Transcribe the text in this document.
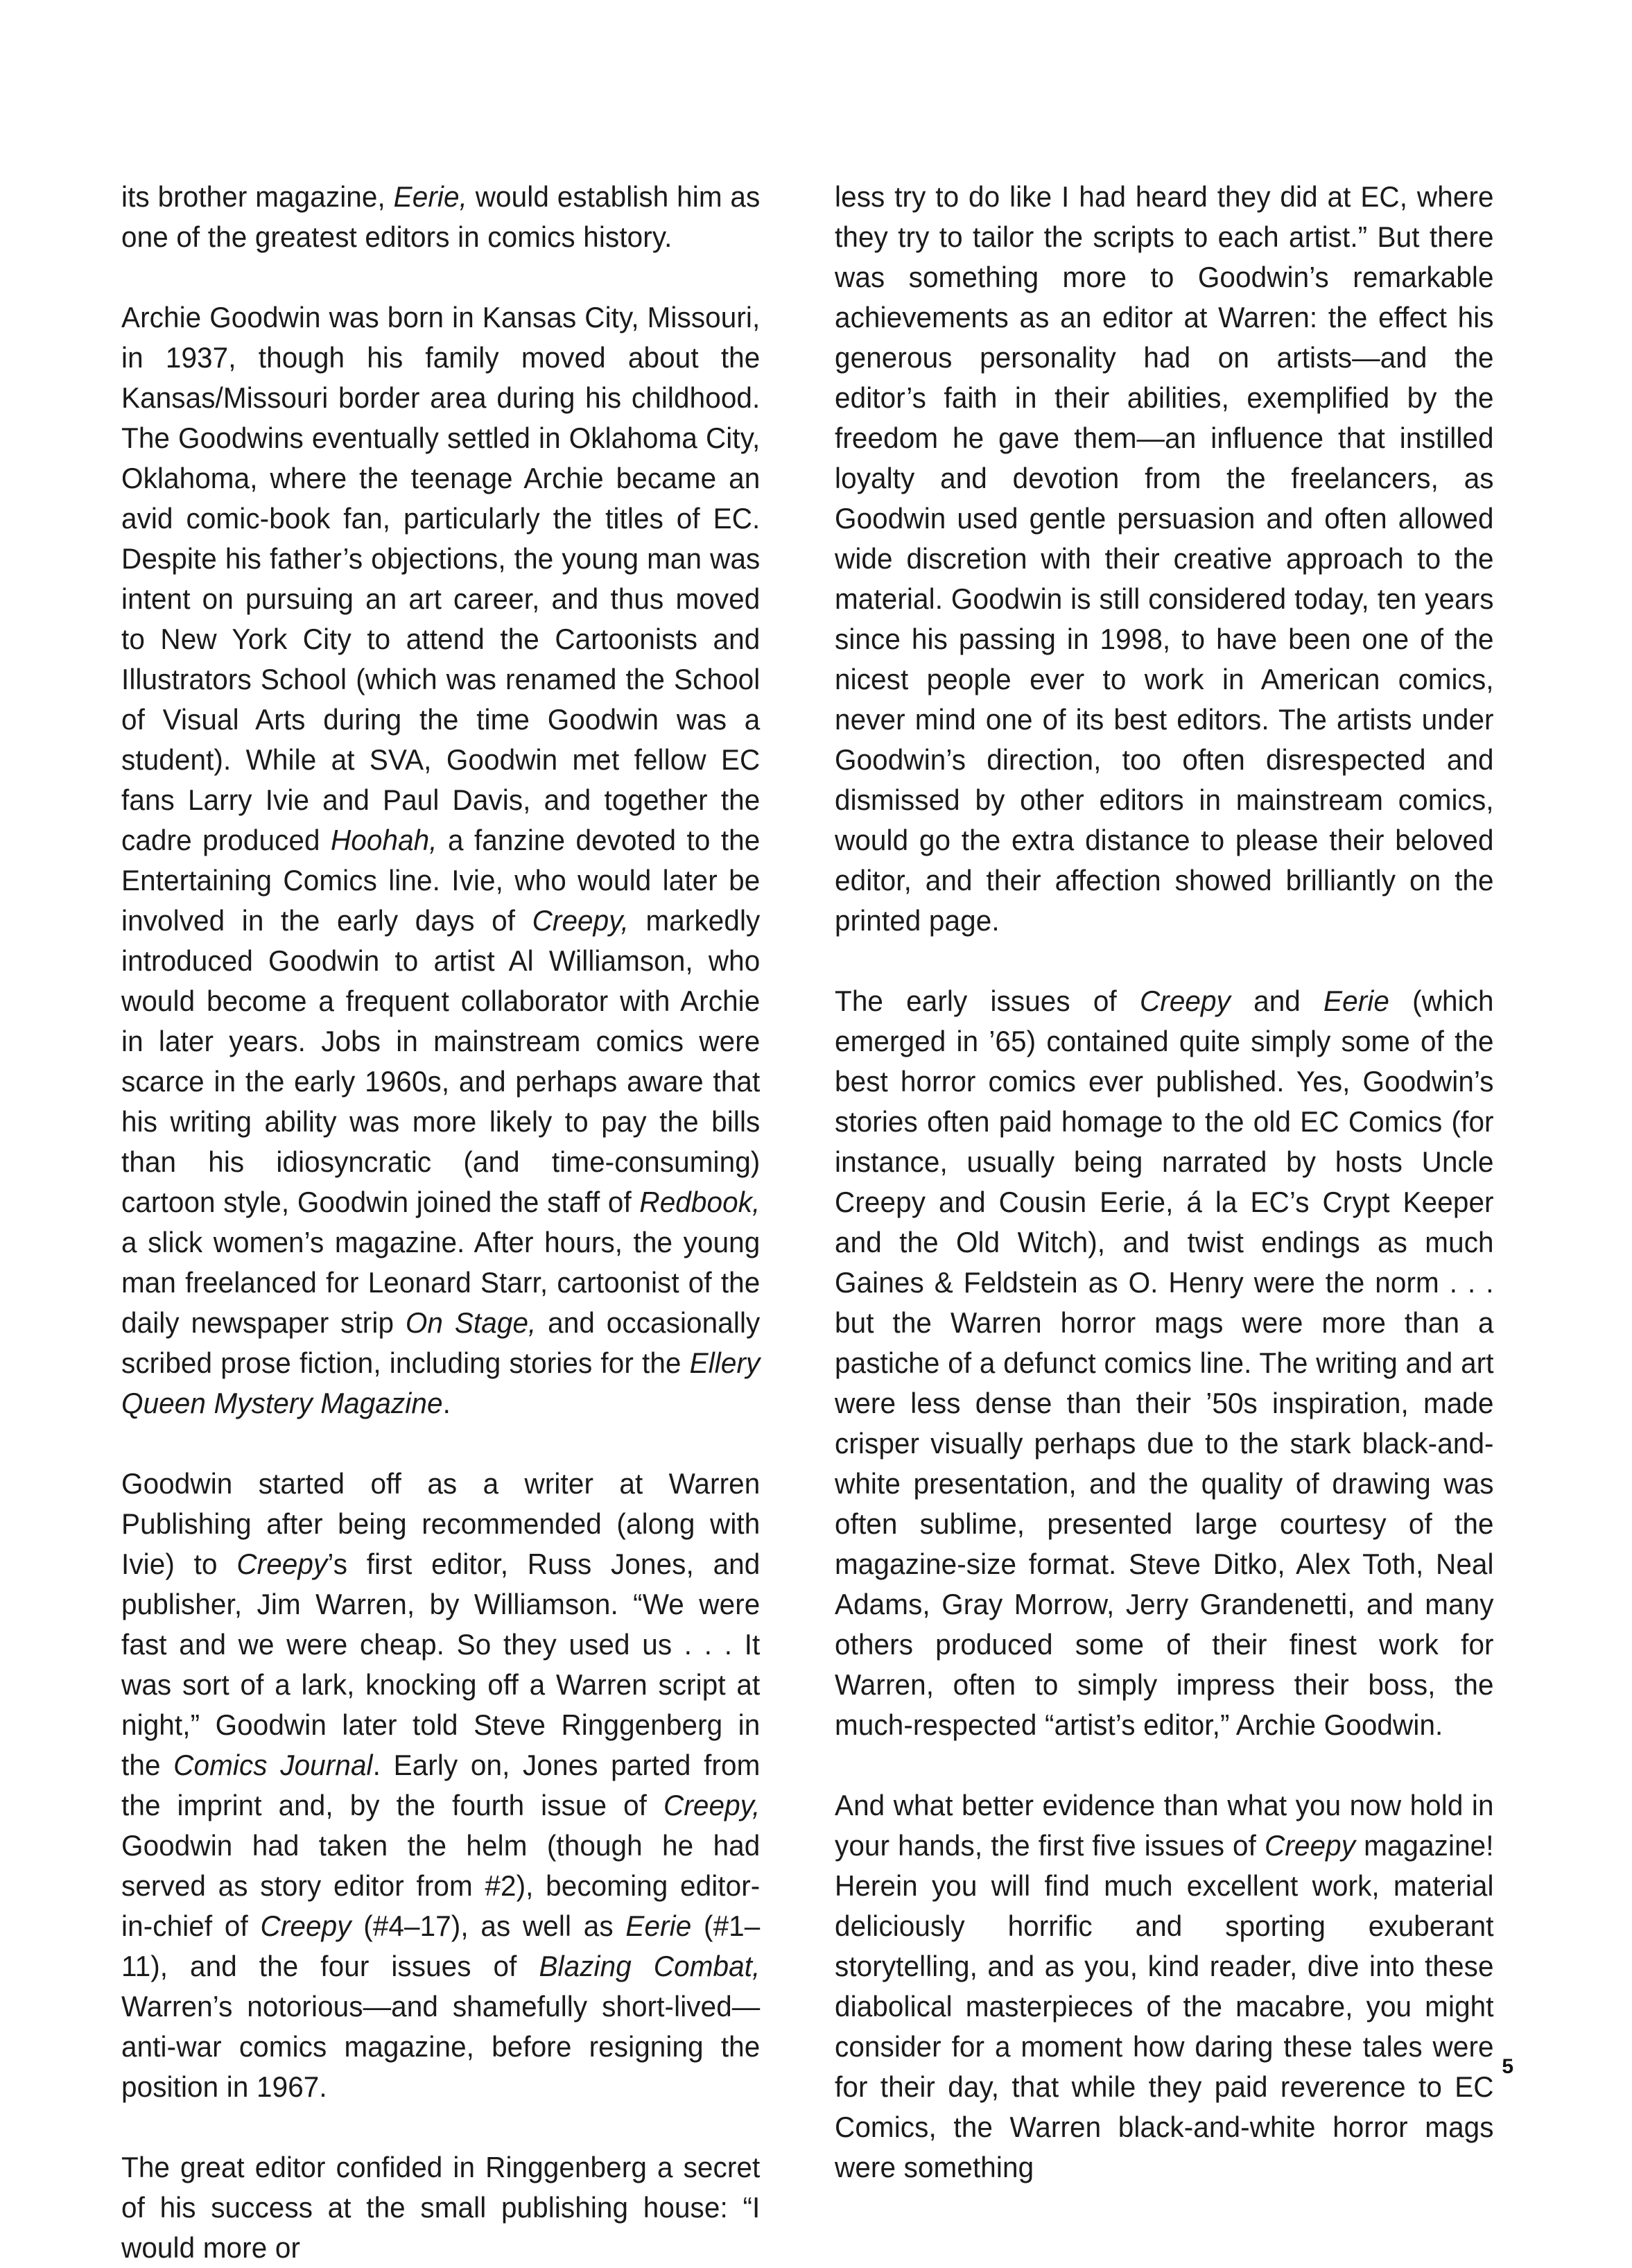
its brother magazine, Eerie, would establish him as one of the greatest editors in comics history.

Archie Goodwin was born in Kansas City, Missouri, in 1937, though his family moved about the Kansas/Missouri border area during his childhood. The Goodwins eventually settled in Oklahoma City, Oklahoma, where the teenage Archie became an avid comic-book fan, particularly the titles of EC. Despite his father’s objections, the young man was intent on pursuing an art career, and thus moved to New York City to attend the Cartoonists and Illustrators School (which was renamed the School of Visual Arts during the time Goodwin was a student). While at SVA, Goodwin met fellow EC fans Larry Ivie and Paul Davis, and together the cadre produced Hoohah, a fanzine devoted to the Entertaining Comics line. Ivie, who would later be involved in the early days of Creepy, markedly introduced Goodwin to artist Al Williamson, who would become a frequent collaborator with Archie in later years. Jobs in mainstream comics were scarce in the early 1960s, and perhaps aware that his writing ability was more likely to pay the bills than his idiosyncratic (and time-consuming) cartoon style, Goodwin joined the staff of Redbook, a slick women’s magazine. After hours, the young man freelanced for Leonard Starr, cartoonist of the daily newspaper strip On Stage, and occasionally scribed prose fiction, including stories for the Ellery Queen Mystery Magazine.

Goodwin started off as a writer at Warren Publishing after being recommended (along with Ivie) to Creepy’s first editor, Russ Jones, and publisher, Jim Warren, by Williamson. “We were fast and we were cheap. So they used us . . . It was sort of a lark, knocking off a Warren script at night,” Goodwin later told Steve Ringgenberg in the Comics Journal. Early on, Jones parted from the imprint and, by the fourth issue of Creepy, Goodwin had taken the helm (though he had served as story editor from #2), becoming editor-in-chief of Creepy (#4–17), as well as Eerie (#1–11), and the four issues of Blazing Combat, Warren’s notorious—and shamefully short-lived—anti-war comics magazine, before resigning the position in 1967.

The great editor confided in Ringgenberg a secret of his success at the small publishing house: “I would more or

less try to do like I had heard they did at EC, where they try to tailor the scripts to each artist.” But there was something more to Goodwin’s remarkable achievements as an editor at Warren: the effect his generous personality had on artists—and the editor’s faith in their abilities, exemplified by the freedom he gave them—an influence that instilled loyalty and devotion from the freelancers, as Goodwin used gentle persuasion and often allowed wide discretion with their creative approach to the material. Goodwin is still considered today, ten years since his passing in 1998, to have been one of the nicest people ever to work in American comics, never mind one of its best editors. The artists under Goodwin’s direction, too often disrespected and dismissed by other editors in mainstream comics, would go the extra distance to please their beloved editor, and their affection showed brilliantly on the printed page.

The early issues of Creepy and Eerie (which emerged in ’65) contained quite simply some of the best horror comics ever published. Yes, Goodwin’s stories often paid homage to the old EC Comics (for instance, usually being narrated by hosts Uncle Creepy and Cousin Eerie, á la EC’s Crypt Keeper and the Old Witch), and twist endings as much Gaines & Feldstein as O. Henry were the norm . . . but the Warren horror mags were more than a pastiche of a defunct comics line. The writing and art were less dense than their ’50s inspiration, made crisper visually perhaps due to the stark black-and-white presentation, and the quality of drawing was often sublime, presented large courtesy of the magazine-size format. Steve Ditko, Alex Toth, Neal Adams, Gray Morrow, Jerry Grandenetti, and many others produced some of their finest work for Warren, often to simply impress their boss, the much-respected “artist’s editor,” Archie Goodwin.

And what better evidence than what you now hold in your hands, the first five issues of Creepy magazine! Herein you will find much excellent work, material deliciously horrific and sporting exuberant storytelling, and as you, kind reader, dive into these diabolical masterpieces of the macabre, you might consider for a moment how daring these tales were for their day, that while they paid reverence to EC Comics, the Warren black-and-white horror mags were something

5
